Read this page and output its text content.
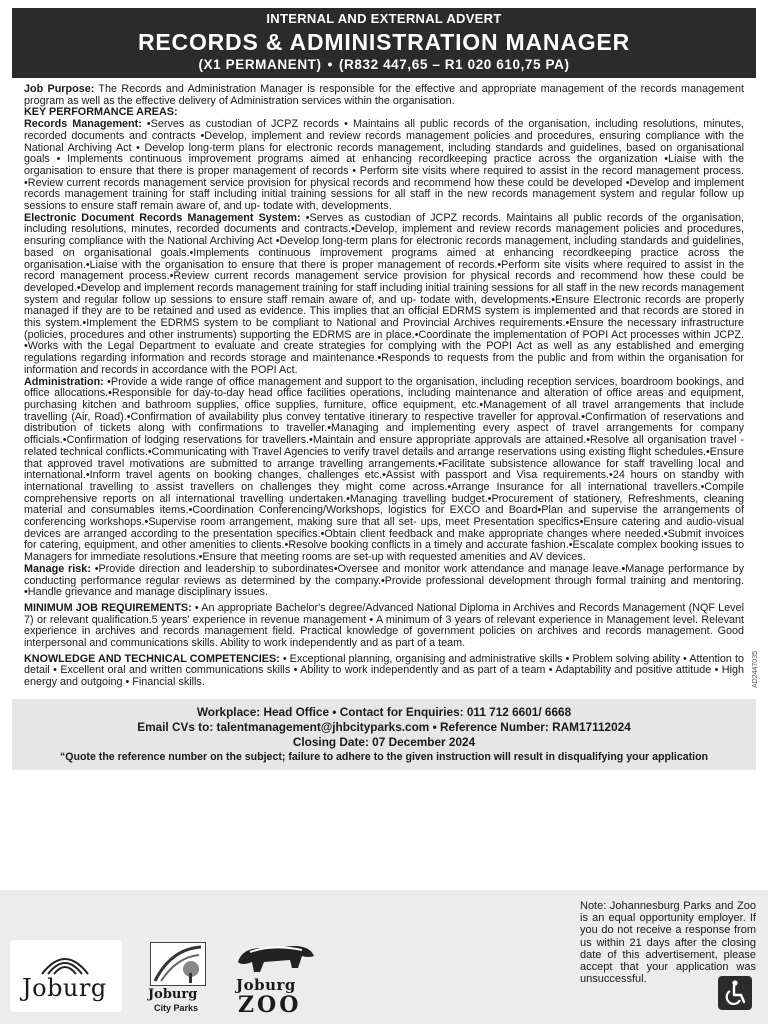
INTERNAL AND EXTERNAL ADVERT
RECORDS & ADMINISTRATION MANAGER
(X1 PERMANENT) • (R832 447,65 – R1 020 610,75 PA)

Job Purpose: The Records and Administration Manager is responsible for the effective and appropriate management of the records management program as well as the effective delivery of Administration services within the organisation.

KEY PERFORMANCE AREAS:

Records Management: •Serves as custodian of JCPZ records • Maintains all public records of the organisation, including resolutions, minutes, recorded documents and contracts •Develop, implement and review records management policies and procedures, ensuring compliance with the National Archiving Act • Develop long-term plans for electronic records management, including standards and guidelines, based on organisational goals • Implements continuous improvement programs aimed at enhancing recordkeeping practice across the organization •Liaise with the organisation to ensure that there is proper management of records • Perform site visits where required to assist in the record management process. •Review current records management service provision for physical records and recommend how these could be developed •Develop and implement records management training for staff including initial training sessions for all staff in the new records management system and regular follow up sessions to ensure staff remain aware of, and up- todate with, developments.

Electronic Document Records Management System: •Serves as custodian of JCPZ records. Maintains all public records of the organisation, including resolutions, minutes, recorded documents and contracts.•Develop, implement and review records management policies and procedures, ensuring compliance with the National Archiving Act •Develop long-term plans for electronic records management, including standards and guidelines, based on organisational goals.•Implements continuous improvement programs aimed at enhancing recordkeeping practice across the organisation.•Liaise with the organisation to ensure that there is proper management of records.•Perform site visits where required to assist in the record management process.•Review current records management service provision for physical records and recommend how these could be developed.•Develop and implement records management training for staff including initial training sessions for all staff in the new records management system and regular follow up sessions to ensure staff remain aware of, and up- todate with, developments.•Ensure Electronic records are properly managed if they are to be retained and used as evidence. This implies that an official EDRMS system is implemented and that records are stored in this system.•Implement the EDRMS system to be compliant to National and Provincial Archives requirements.•Ensure the necessary infrastructure (policies, procedures and other instruments) supporting the EDRMS are in place.•Coordinate the implementation of POPI Act processes within JCPZ. •Works with the Legal Department to evaluate and create strategies for complying with the POPI Act as well as any established and emerging regulations regarding information and records storage and maintenance.•Responds to requests from the public and from within the organisation for information and records in accordance with the POPI Act.

Administration: •Provide a wide range of office management and support to the organisation, including reception services, boardroom bookings, and office allocations.•Responsible for day-to-day head office facilities operations, including maintenance and alteration of office areas and equipment, purchasing kitchen and bathroom supplies, office supplies, furniture, office equipment, etc.•Management of all travel arrangements that include travelling (Air, Road).•Confirmation of availability plus convey tentative itinerary to respective traveller for approval.•Confirmation of reservations and distribution of tickets along with confirmations to traveller.•Managing and implementing every aspect of travel arrangements for company officials.•Confirmation of lodging reservations for travellers.•Maintain and ensure appropriate approvals are attained.•Resolve all organisation travel - related technical conflicts.•Communicating with Travel Agencies to verify travel details and arrange reservations using existing flight schedules.•Ensure that approved travel motivations are submitted to arrange travelling arrangements.•Facilitate subsistence allowance for staff travelling local and international.•Inform travel agents on booking changes, challenges etc.•Assist with passport and Visa requirements.•24 hours on standby with international travelling to assist travellers on challenges they might come across.•Arrange Insurance for all international travellers.•Compile comprehensive reports on all international travelling undertaken.•Managing travelling budget.•Procurement of stationery, Refreshments, cleaning material and consumables items.•Coordination Conferencing/Workshops, logistics for EXCO and Board•Plan and supervise the arrangements of conferencing workshops.•Supervise room arrangement, making sure that all set- ups, meet Presentation specifics•Ensure catering and audio-visual devices are arranged according to the presentation specifics.•Obtain client feedback and make appropriate changes where needed.•Submit invoices for catering, equipment, and other amenities to clients.•Resolve booking conflicts in a timely and accurate fashion.•Escalate complex booking issues to Managers for immediate resolutions.•Ensure that meeting rooms are set-up with requested amenities and AV devices.

Manage risk: •Provide direction and leadership to subordinates•Oversee and monitor work attendance and manage leave.•Manage performance by conducting performance regular reviews as determined by the company.•Provide professional development through formal training and mentoring. •Handle grievance and manage disciplinary issues.

MINIMUM JOB REQUIREMENTS: • An appropriate Bachelor's degree/Advanced National Diploma in Archives and Records Management (NQF Level 7) or relevant qualification.5 years' experience in revenue management • A minimum of 3 years of relevant experience in Management level. Relevant experience in archives and records management field. Practical knowledge of government policies on archives and records management. Good interpersonal and communications skills. Ability to work independently and as part of a team.

KNOWLEDGE AND TECHNICAL COMPETENCIES: • Exceptional planning, organising and administrative skills • Problem solving ability • Attention to detail • Excellent oral and written communications skills • Ability to work independently and as part of a team • Adaptability and positive attitude • High energy and outgoing • Financial skills.

Workplace: Head Office • Contact for Enquiries: 011 712 6601/ 6668
Email CVs to: talentmanagement@jhbcityparks.com • Reference Number: RAM17112024
Closing Date: 07 December 2024
“Quote the reference number on the subject; failure to adhere to the given instruction will result in disqualifying your application
AD2447035
Joburg	Joburg
City Parks
Joburg
ZOO
Note: Johannesburg Parks and Zoo is an equal opportunity employer. If you do not receive a response from us within 21 days after the closing date of this advertisement, please accept that your application was unsuccessful.
